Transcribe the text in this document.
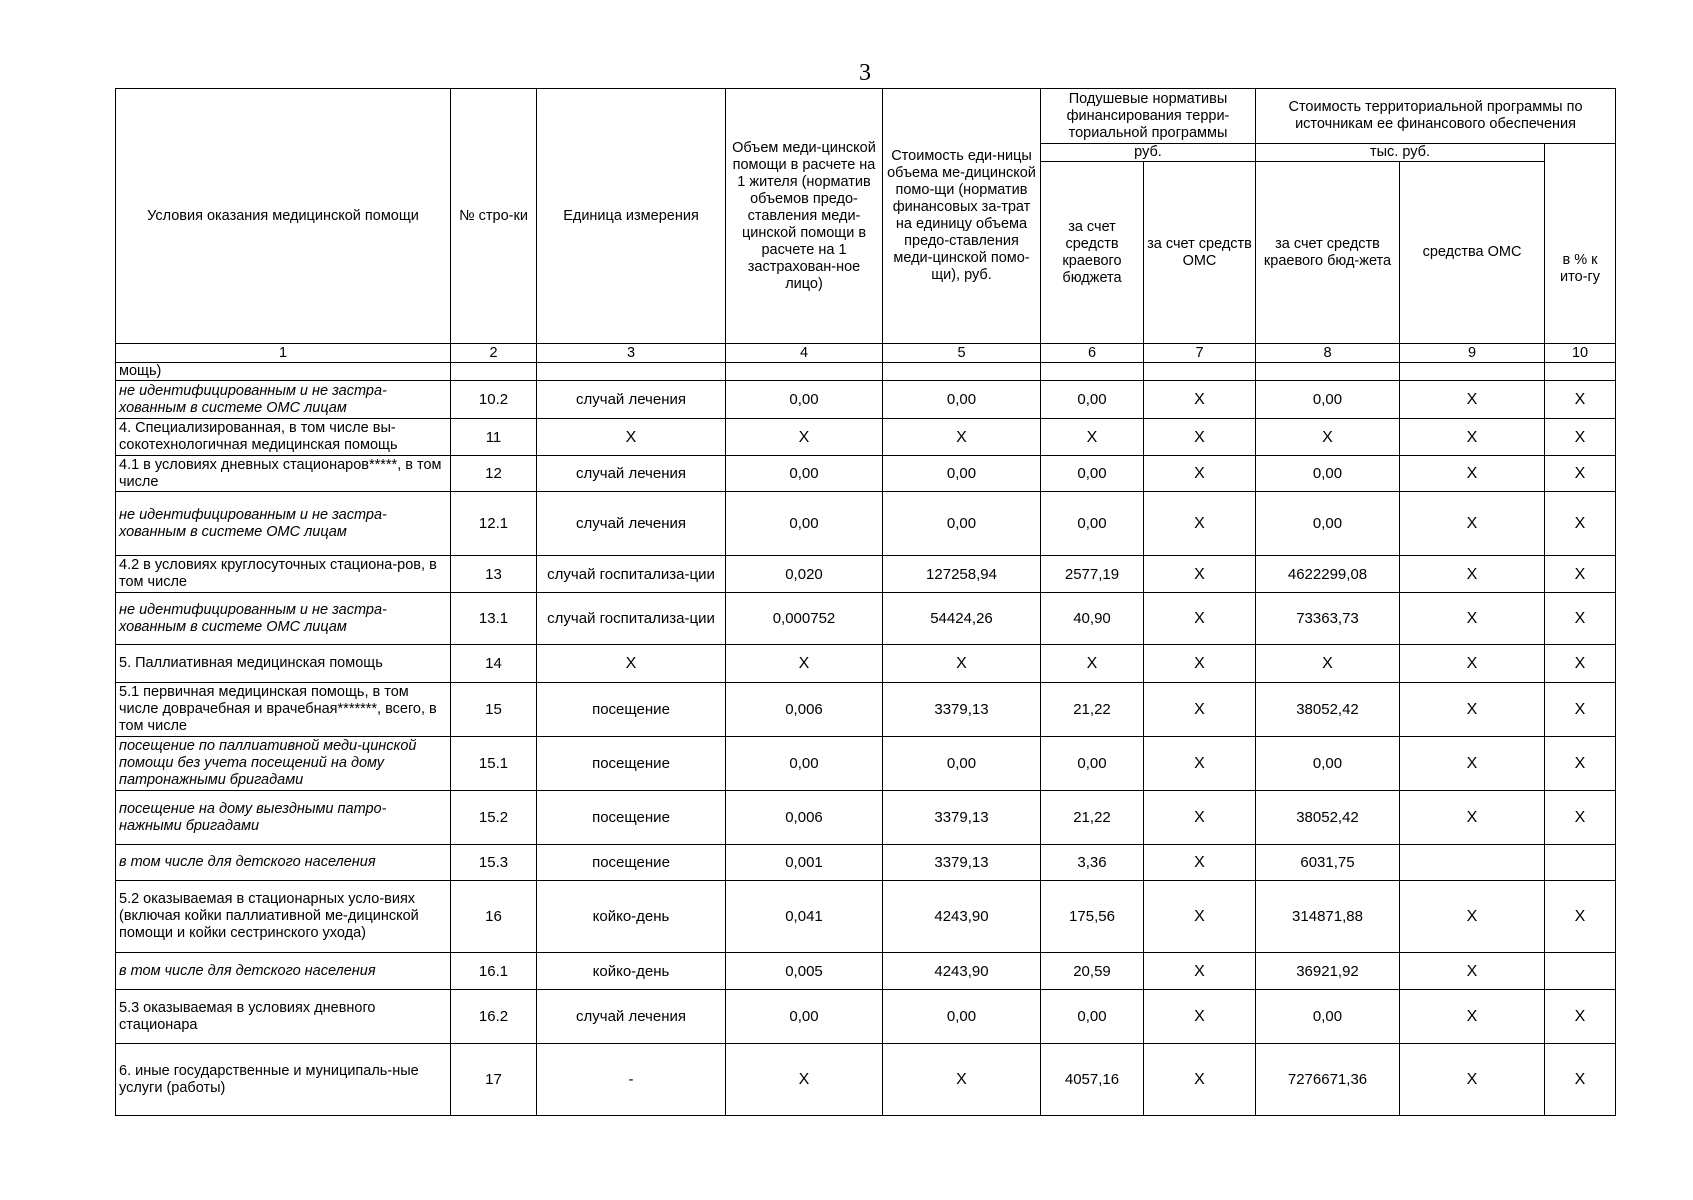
3
Условия оказания медицинской помощи	№ стро-ки	Единица измерения	Объем меди-цинской помощи в расчете на 1 жителя (норматив объемов предо-ставления меди-цинской помощи в расчете на 1 застрахован-ное лицо)	Стоимость еди-ницы объема ме-дицинской помо-щи (норматив финансовых за-трат на единицу объема предо-ставления меди-цинской помо-щи), руб.	Подушевые нормативы финансирования терри-ториальной программы		Стоимость территориальной программы по источникам ее финансового обеспечения		
					руб.		тыс. руб.		в % к ито-гу

					за счет средств краевого бюджета	за счет средств ОМС	за счет средств краевого бюд-жета	средства ОМС	
1	2	3	4	5	6	7	8	9	10
мощь)									
не идентифицированным и не застра-хованным в системе ОМС лицам	10.2	случай лечения	0,00	0,00	0,00	X	0,00	X	X
4. Специализированная, в том числе вы-сокотехнологичная медицинская помощь	11	X	X	X	X	X	X	X	X
4.1 в условиях дневных стационаров*****, в том числе	12	случай лечения	0,00	0,00	0,00	X	0,00	X	X
не идентифицированным и не застра-хованным в системе ОМС лицам	12.1	случай лечения	0,00	0,00	0,00	X	0,00	X	X
4.2 в условиях круглосуточных стациона-ров, в том числе	13	случай госпитализа-ции	0,020	127258,94	2577,19	X	4622299,08	X	X
не идентифицированным и не застра-хованным в системе ОМС лицам	13.1	случай госпитализа-ции	0,000752	54424,26	40,90	X	73363,73	X	X
5. Паллиативная медицинская помощь	14	X	X	X	X	X	X	X	X
5.1 первичная медицинская помощь, в том числе доврачебная и врачебная*******, всего, в том числе	15	посещение	0,006	3379,13	21,22	X	38052,42	X	X
посещение по паллиативной меди-цинской помощи без учета посещений на дому патронажными бригадами	15.1	посещение	0,00	0,00	0,00	X	0,00	X	X
посещение на дому выездными патро-нажными бригадами	15.2	посещение	0,006	3379,13	21,22	X	38052,42	X	X
в том числе для детского населения	15.3	посещение	0,001	3379,13	3,36	X	6031,75		
5.2 оказываемая в стационарных усло-виях (включая койки паллиативной ме-дицинской помощи и койки сестринского ухода)	16	койко-день	0,041	4243,90	175,56	X	314871,88	X	X
в том числе для детского населения	16.1	койко-день	0,005	4243,90	20,59	X	36921,92	X	
5.3 оказываемая в условиях дневного стационара	16.2	случай лечения	0,00	0,00	0,00	X	0,00	X	X
6. иные государственные и муниципаль-ные услуги (работы)	17	-	X	X	4057,16	X	7276671,36	X	X
